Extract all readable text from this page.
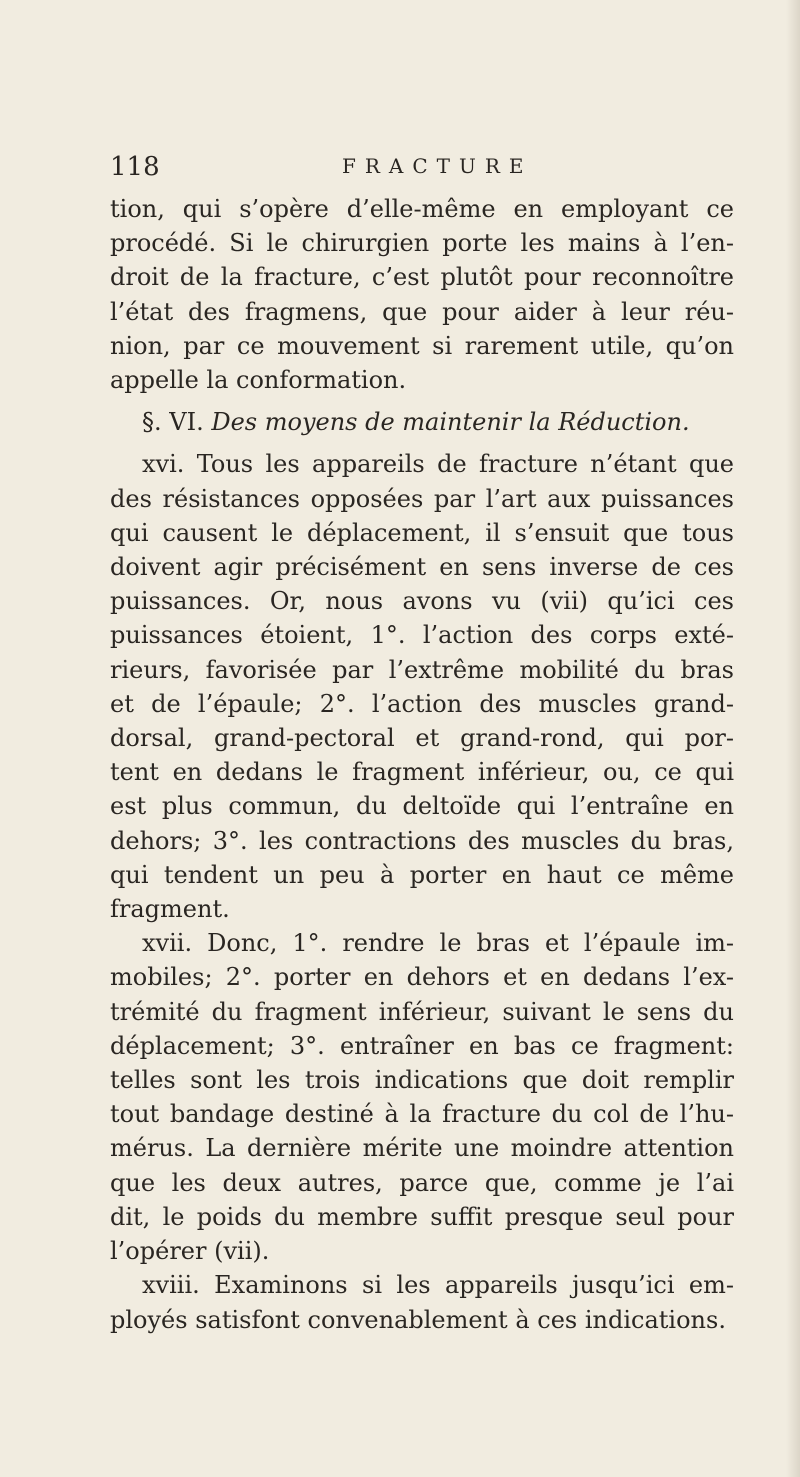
118	FRACTURE

tion, qui s’opère d’elle-même en employant ce
procédé. Si le chirurgien porte les mains à l’en-
droit de la fracture, c’est plutôt pour reconnoître
l’état des fragmens, que pour aider à leur réu-
nion, par ce mouvement si rarement utile, qu’on
appelle la conformation.

§. VI. Des moyens de maintenir la Réduction.

xvi. Tous les appareils de fracture n’étant que
des résistances opposées par l’art aux puissances
qui causent le déplacement, il s’ensuit que tous
doivent agir précisément en sens inverse de ces
puissances. Or, nous avons vu (vii) qu’ici ces
puissances étoient, 1°. l’action des corps exté-
rieurs, favorisée par l’extrême mobilité du bras
et de l’épaule; 2°. l’action des muscles grand-
dorsal, grand-pectoral et grand-rond, qui por-
tent en dedans le fragment inférieur, ou, ce qui
est plus commun, du deltoïde qui l’entraîne en
dehors; 3°. les contractions des muscles du bras,
qui tendent un peu à porter en haut ce même
fragment.

xvii. Donc, 1°. rendre le bras et l’épaule im-
mobiles; 2°. porter en dehors et en dedans l’ex-
trémité du fragment inférieur, suivant le sens du
déplacement; 3°. entraîner en bas ce fragment:
telles sont les trois indications que doit remplir
tout bandage destiné à la fracture du col de l’hu-
mérus. La dernière mérite une moindre attention
que les deux autres, parce que, comme je l’ai
dit, le poids du membre suffit presque seul pour
l’opérer (vii).

xviii. Examinons si les appareils jusqu’ici em-
ployés satisfont convenablement à ces indications.
